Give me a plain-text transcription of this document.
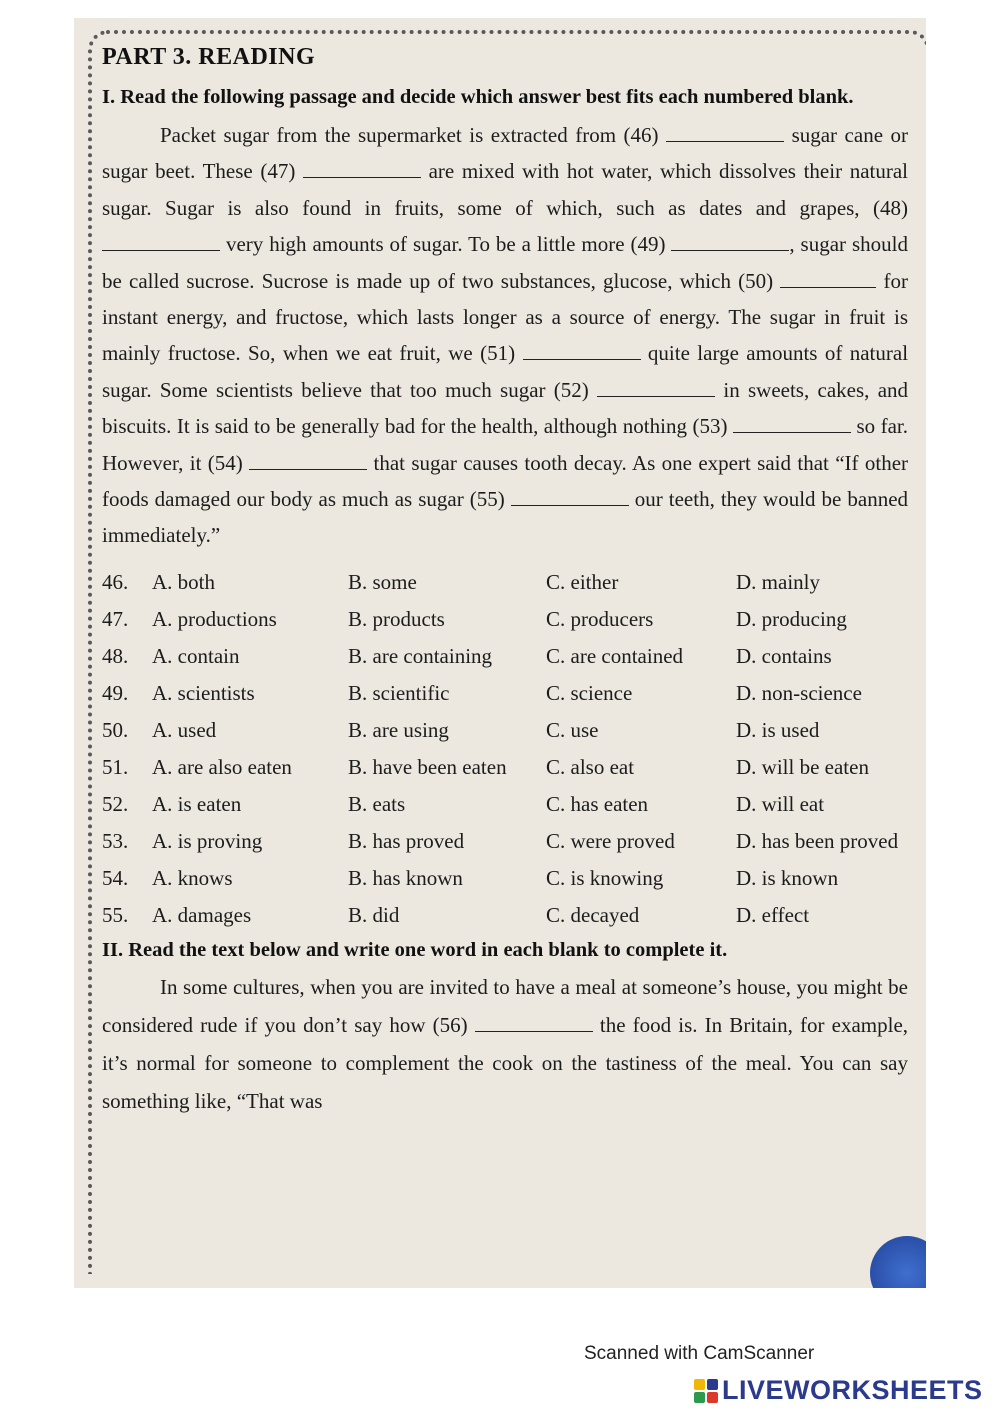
PART 3. READING

I. Read the following passage and decide which answer best fits each numbered blank.

Packet sugar from the supermarket is extracted from (46)	sugar cane or sugar beet. These (47)	are mixed with hot water, which dissolves their natural sugar. Sugar is also found in fruits, some of which, such as dates and grapes, (48)  very high amounts of sugar. To be a little more (49)	, sugar should be called sucrose. Sucrose is made up of two substances, glucose, which (50)	for instant energy, and fructose, which lasts longer as a source of energy. The sugar in fruit is mainly fructose. So, when we eat fruit, we (51)	quite large amounts of natural sugar. Some scientists believe that too much sugar (52)	in sweets, cakes, and biscuits. It is said to be generally bad for the health, although nothing (53)	so far. However, it (54)	that sugar causes tooth decay. As one expert said that “If other foods damaged our body as much as sugar (55)	our teeth, they would be banned immediately.”

46. A. both	B. some	C. either	D. mainly
47. A. productions	B. products	C. producers	D. producing
48. A. contain	B. are containing	C. are contained	D. contains
49. A. scientists	B. scientific	C. science	D. non-science
50. A. used	B. are using	C. use	D. is used
51. A. are also eaten	B. have been eaten	C. also eat	D. will be eaten
52. A. is eaten	B. eats	C. has eaten	D. will eat
53. A. is proving	B. has proved	C. were proved	D. has been proved
54. A. knows	B. has known	C. is knowing	D. is known
55. A. damages	B. did	C. decayed	D. effect

II. Read the text below and write one word in each blank to complete it.

In some cultures, when you are invited to have a meal at someone’s house, you might be considered rude if you don’t say how (56)	the food is. In Britain, for example, it’s normal for someone to complement the cook on the tastiness of the meal. You can say something like, “That was

Scanned with CamScanner
LIVEWORKSHEETS
